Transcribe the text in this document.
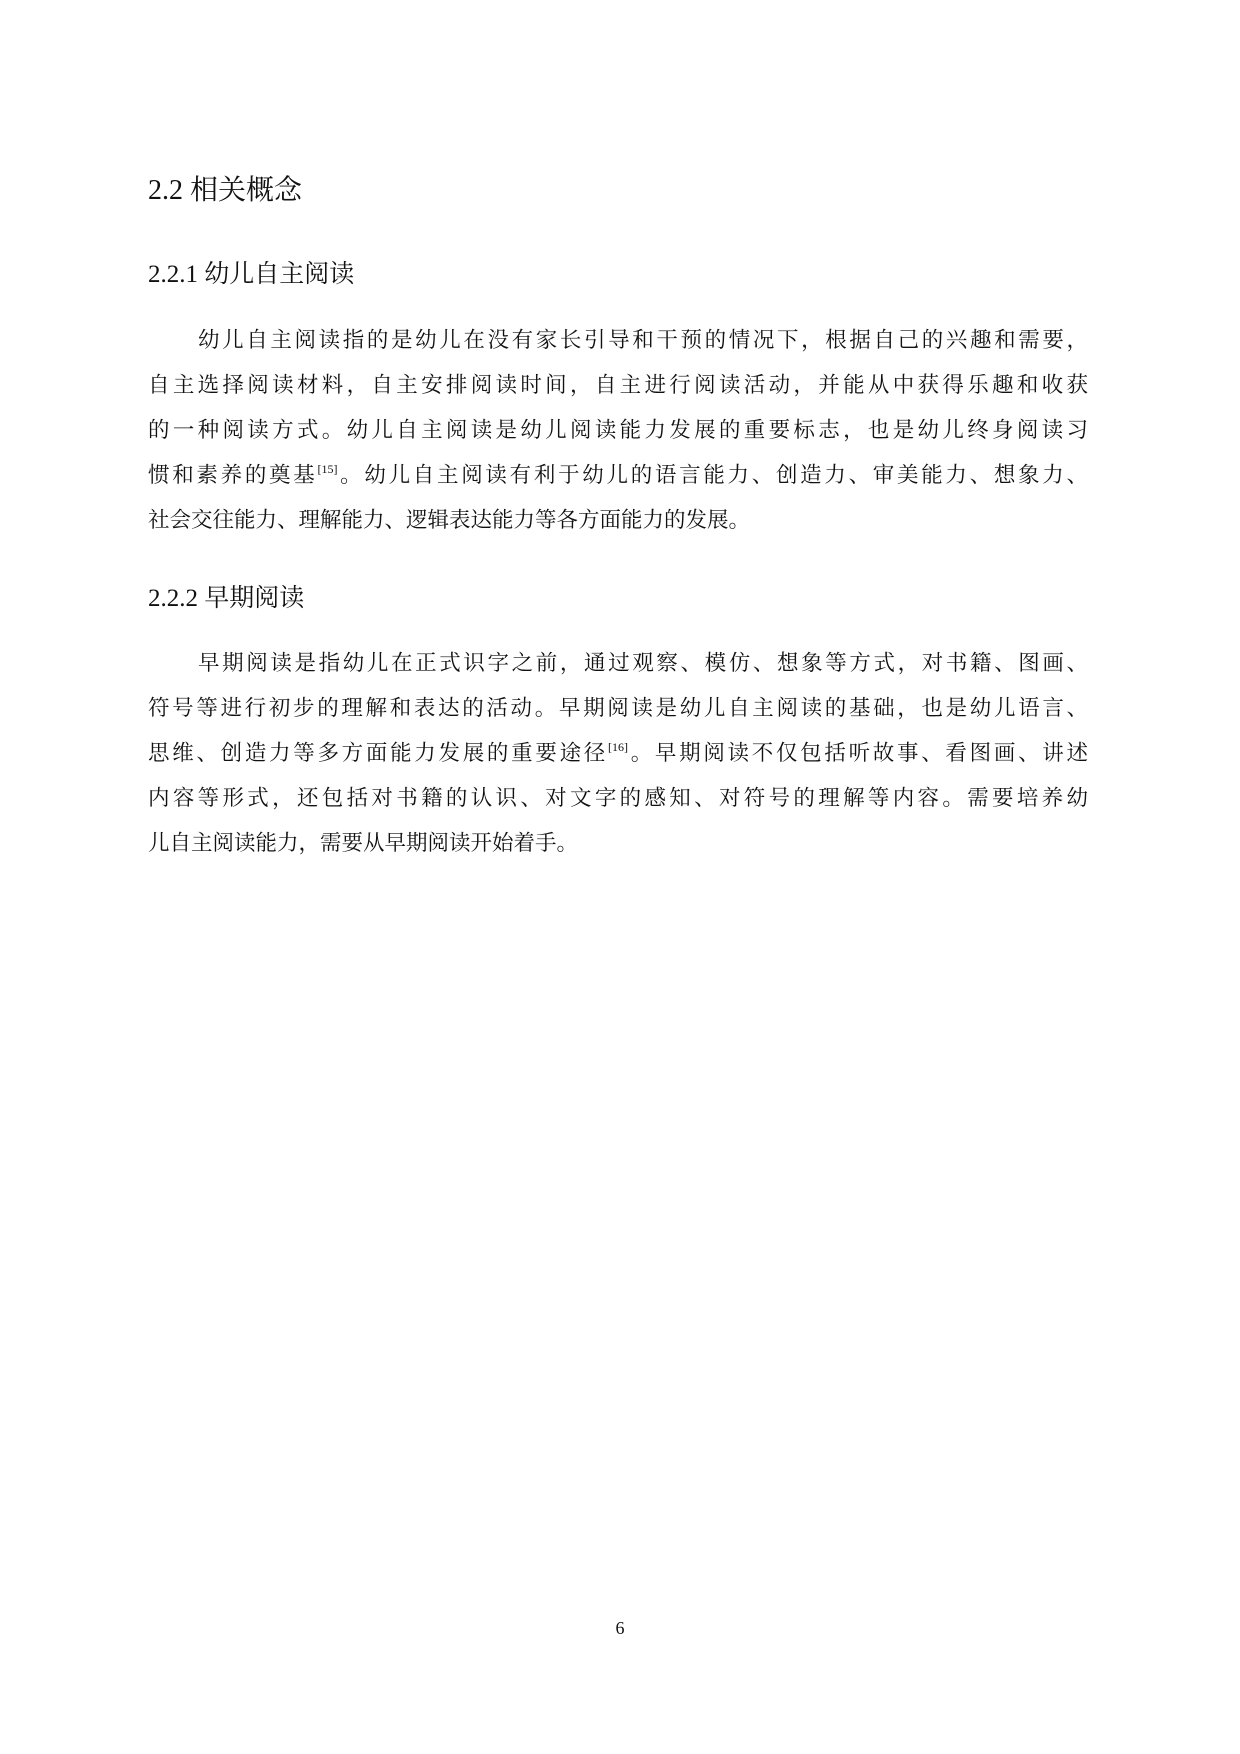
2.2 相关概念
2.2.1 幼儿自主阅读
幼儿自主阅读指的是幼儿在没有家长引导和干预的情况下，根据自己的兴趣和需要，
自主选择阅读材料，自主安排阅读时间，自主进行阅读活动，并能从中获得乐趣和收获
的一种阅读方式。幼儿自主阅读是幼儿阅读能力发展的重要标志，也是幼儿终身阅读习
惯和素养的奠基[15]。幼儿自主阅读有利于幼儿的语言能力、创造力、审美能力、想象力、
社会交往能力、理解能力、逻辑表达能力等各方面能力的发展。
2.2.2 早期阅读
早期阅读是指幼儿在正式识字之前，通过观察、模仿、想象等方式，对书籍、图画、
符号等进行初步的理解和表达的活动。早期阅读是幼儿自主阅读的基础，也是幼儿语言、
思维、创造力等多方面能力发展的重要途径[16]。早期阅读不仅包括听故事、看图画、讲述
内容等形式，还包括对书籍的认识、对文字的感知、对符号的理解等内容。需要培养幼
儿自主阅读能力，需要从早期阅读开始着手。
6
